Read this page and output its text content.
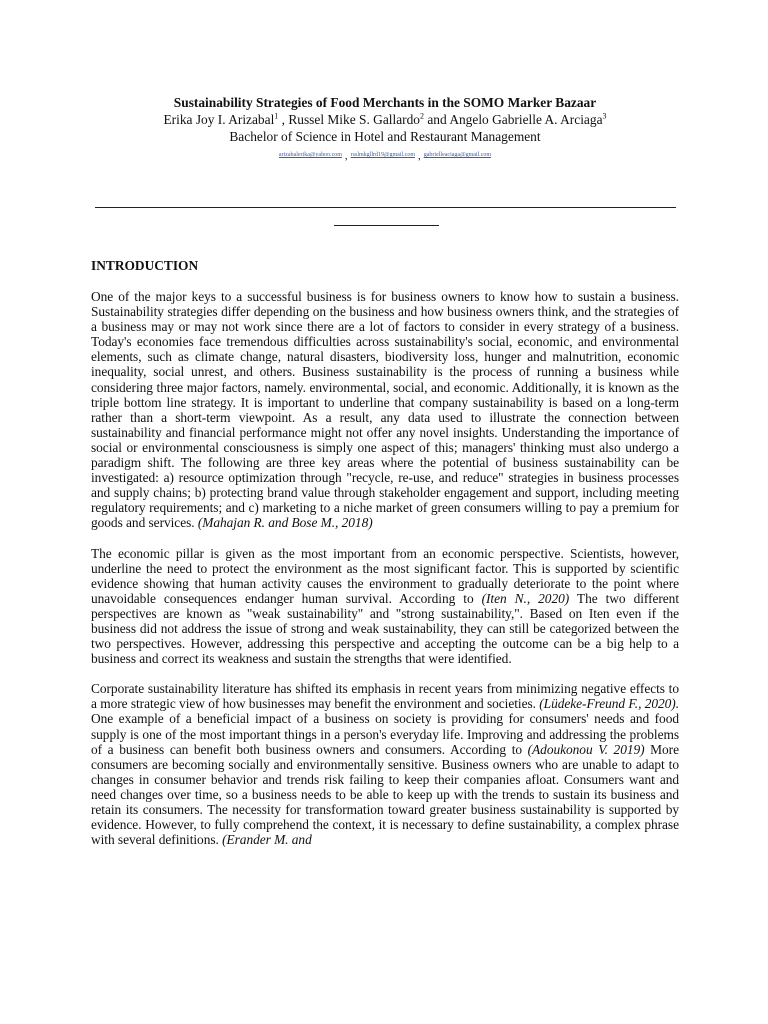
Sustainability Strategies of Food Merchants in the SOMO Marker Bazaar
Erika Joy I. Arizabal$^1$ , Russel Mike S. Gallardo$^2$ and Angelo Gabrielle A. Arciaga$^3$
Bachelor of Science in Hotel and Restaurant Management
arizabalerika@yahoo.com , rsslmkgllrd19@gmail.com , gabrielleaciaga@gmail.com
INTRODUCTION

One of the major keys to a successful business is for business owners to know how to sustain a business. Sustainability strategies differ depending on the business and how business owners think, and the strategies of a business may or may not work since there are a lot of factors to consider in every strategy of a business. Today's economies face tremendous difficulties across sustainability's social, economic, and environmental elements, such as climate change, natural disasters, biodiversity loss, hunger and malnutrition, economic inequality, social unrest, and others. Business sustainability is the process of running a business while considering three major factors, namely. environmental, social, and economic. Additionally, it is known as the triple bottom line strategy. It is important to underline that company sustainability is based on a long-term rather than a short-term viewpoint. As a result, any data used to illustrate the connection between sustainability and financial performance might not offer any novel insights. Understanding the importance of social or environmental consciousness is simply one aspect of this; managers' thinking must also undergo a paradigm shift. The following are three key areas where the potential of business sustainability can be investigated: a) resource optimization through "recycle, re-use, and reduce" strategies in business processes and supply chains; b) protecting brand value through stakeholder engagement and support, including meeting regulatory requirements; and c) marketing to a niche market of green consumers willing to pay a premium for goods and services. (Mahajan R. and Bose M., 2018)

The economic pillar is given as the most important from an economic perspective. Scientists, however, underline the need to protect the environment as the most significant factor. This is supported by scientific evidence showing that human activity causes the environment to gradually deteriorate to the point where unavoidable consequences endanger human survival. According to (Iten N., 2020) The two different perspectives are known as "weak sustainability" and "strong sustainability,". Based on Iten even if the business did not address the issue of strong and weak sustainability, they can still be categorized between the two perspectives. However, addressing this perspective and accepting the outcome can be a big help to a business and correct its weakness and sustain the strengths that were identified.

Corporate sustainability literature has shifted its emphasis in recent years from minimizing negative effects to a more strategic view of how businesses may benefit the environment and societies. (Lüdeke-Freund F., 2020). One example of a beneficial impact of a business on society is providing for consumers' needs and food supply is one of the most important things in a person's everyday life. Improving and addressing the problems of a business can benefit both business owners and consumers. According to (Adoukonou V. 2019) More consumers are becoming socially and environmentally sensitive. Business owners who are unable to adapt to changes in consumer behavior and trends risk failing to keep their companies afloat. Consumers want and need changes over time, so a business needs to be able to keep up with the trends to sustain its business and retain its consumers. The necessity for transformation toward greater business sustainability is supported by evidence. However, to fully comprehend the context, it is necessary to define sustainability, a complex phrase with several definitions. (Erander M. and
